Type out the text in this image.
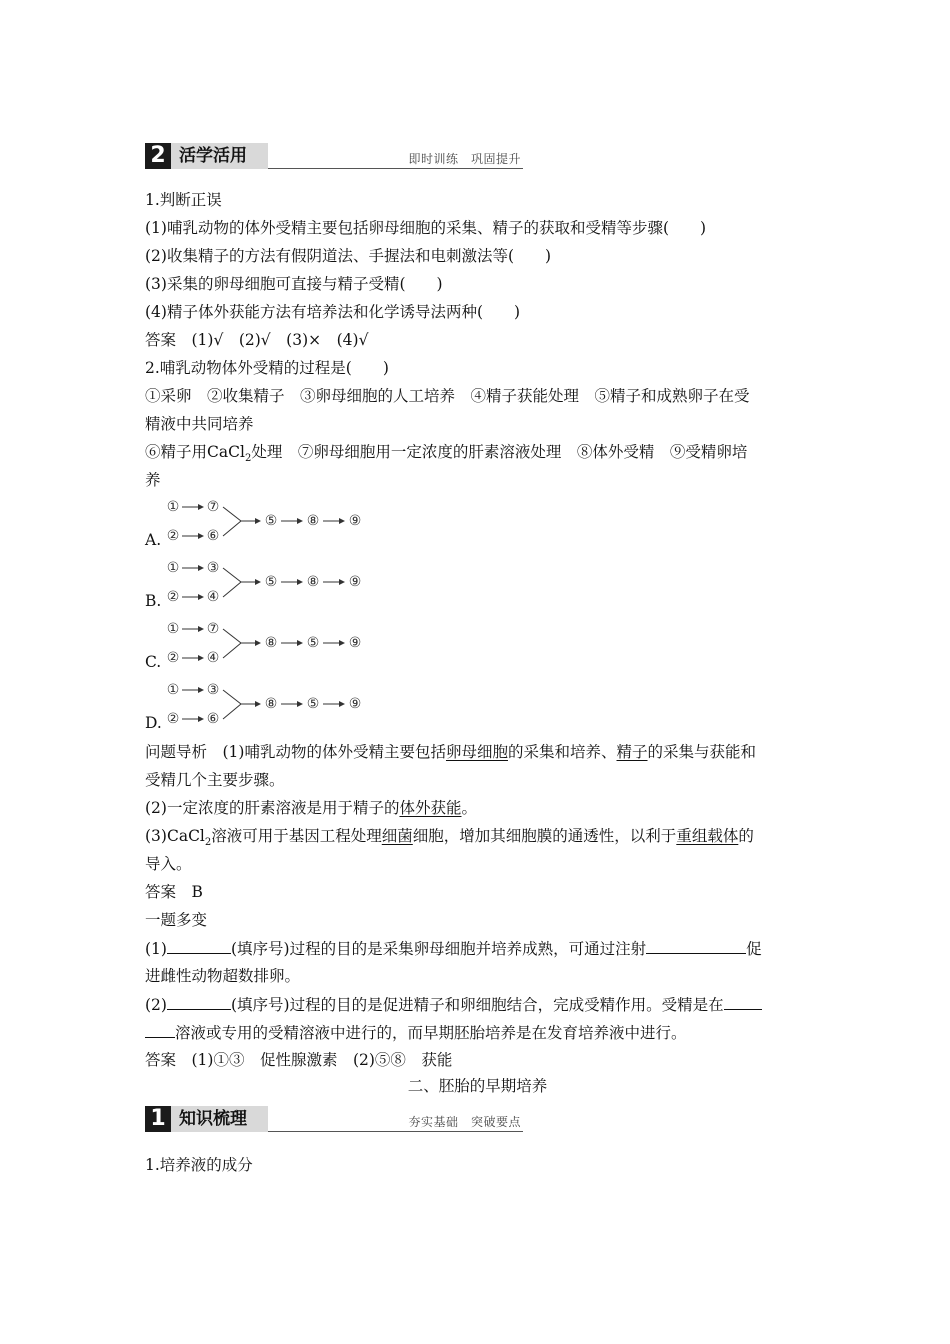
2 活学活用	即时训练　巩固提升
1.判断正误
(1)哺乳动物的体外受精主要包括卵母细胞的采集、精子的获取和受精等步骤(　　)
(2)收集精子的方法有假阴道法、手握法和电刺激法等(　　)
(3)采集的卵母细胞可直接与精子受精(　　)
(4)精子体外获能方法有培养法和化学诱导法两种(　　)
答案　(1)√　(2)√　(3)×　(4)√
2.哺乳动物体外受精的过程是(　　)
①采卵　②收集精子　③卵母细胞的人工培养　④精子获能处理　⑤精子和成熟卵子在受
精液中共同培养
⑥精子用CaCl$_2$处理　⑦卵母细胞用一定浓度的肝素溶液处理　⑧体外受精　⑨受精卵培
养
A.
① ⑦
② ⑥
⑤ ⑧ ⑨
B.
① ③
② ④
⑤ ⑧ ⑨
C.
① ⑦
② ④
⑧ ⑤ ⑨
D.
① ③
② ⑥
⑧ ⑤ ⑨
问题导析　(1)哺乳动物的体外受精主要包括卵母细胞的采集和培养、精子的采集与获能和
受精几个主要步骤。
(2)一定浓度的肝素溶液是用于精子的体外获能。
(3)CaCl$_2$溶液可用于基因工程处理细菌细胞，增加其细胞膜的通透性，以利于重组载体的
导入。
答案　B
一题多变
(1)	(填序号)过程的目的是采集卵母细胞并培养成熟，可通过注射	促
进雌性动物超数排卵。
(2)	(填序号)过程的目的是促进精子和卵细胞结合，完成受精作用。受精是在
溶液或专用的受精溶液中进行的，而早期胚胎培养是在发育培养液中进行。
答案　(1)①③　促性腺激素　(2)⑤⑧　获能
二、胚胎的早期培养
1 知识梳理	夯实基础　突破要点
1.培养液的成分
